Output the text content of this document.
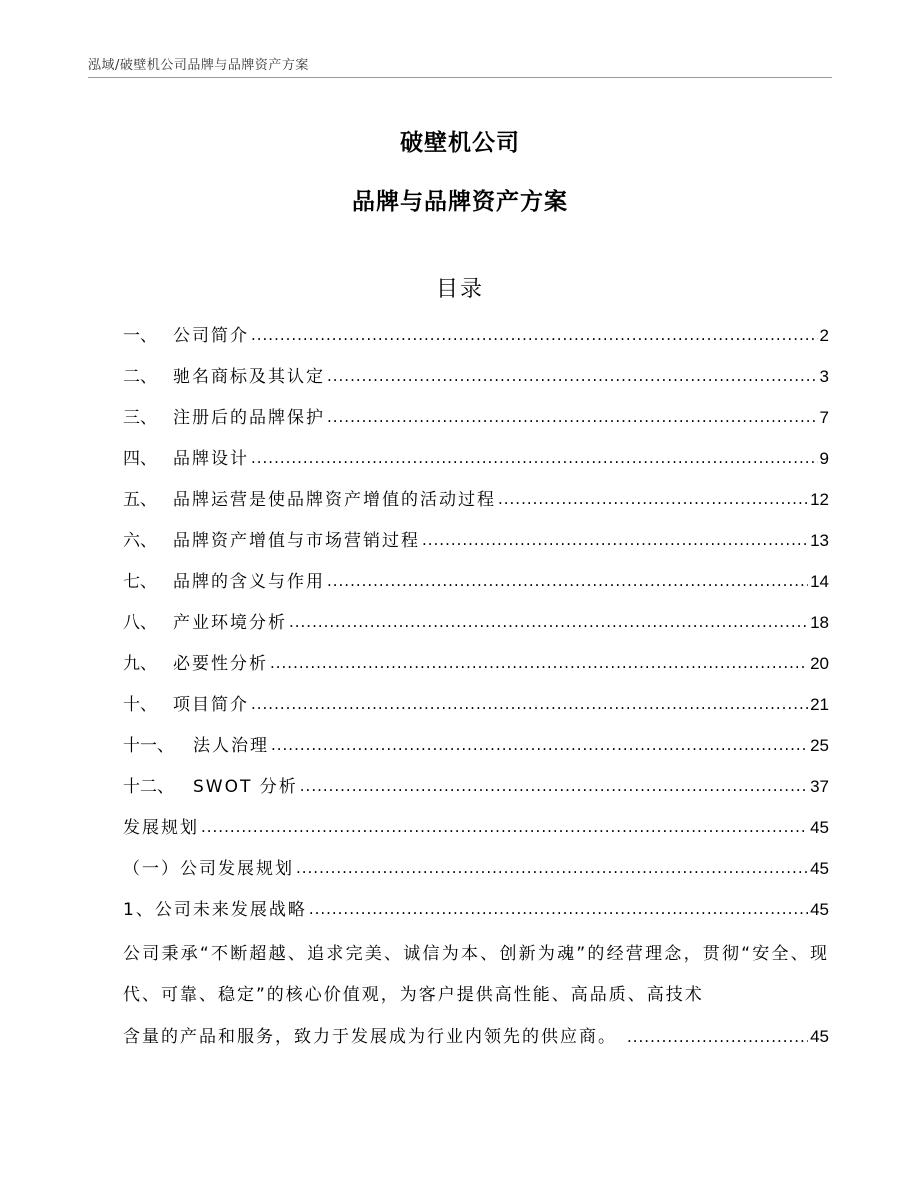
泓域/破壁机公司品牌与品牌资产方案
破壁机公司
品牌与品牌资产方案
目录
一、 公司简介 .....	2
二、 驰名商标及其认定 .....	3
三、 注册后的品牌保护 .....	7
四、 品牌设计 .....	9
五、 品牌运营是使品牌资产增值的活动过程 .....	12
六、 品牌资产增值与市场营销过程 .....	13
七、 品牌的含义与作用 .....	14
八、 产业环境分析 .....	18
九、 必要性分析 .....	20
十、 项目简介 .....	21
十一、	法人治理 .....	25
十二、	SWOT 分析 .....	37
发展规划 .....	45
（一）公司发展规划 .....	45
1、公司未来发展战略 .....	45
公司秉承“不断超越、追求完美、诚信为本、创新为魂”的经营理念，贯彻“安全、现代、可靠、稳定”的核心价值观，为客户提供高性能、高品质、高技术
含量的产品和服务，致力于发展成为行业内领先的供应商。 .....	45
